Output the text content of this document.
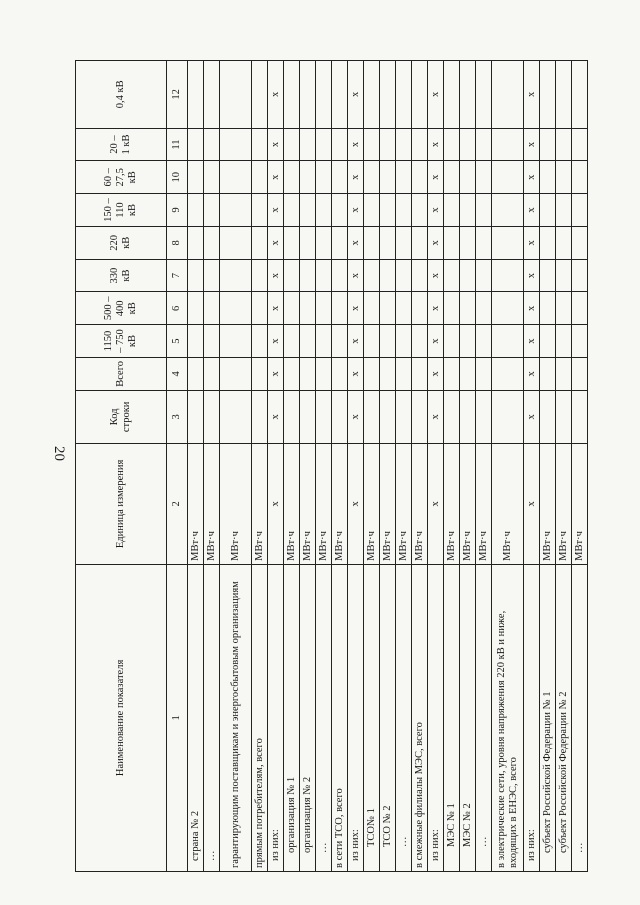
20
Наименование показателя	Единица измерения	Код строки	Всего	1150 – 750 кВ	500 – 400 кВ	330 кВ	220 кВ	150 – 110 кВ	60 – 27,5 кВ	20 – 1 кВ	0,4 кВ
1	2	3	4	5	6	7	8	9	10	11	12
страна № 2	МВт·ч										
…	МВт·ч										
гарантирующим поставщикам и энергосбытовым организациям	МВт·ч										
прямым потребителям, всего	МВт·ч										
из них:	х	х	х	х	х	х	х	х	х	х	х
организация № 1	МВт·ч										
организация № 2	МВт·ч										
…	МВт·ч										
в сети ТСО, всего	МВт·ч										
из них:	х	х	х	х	х	х	х	х	х	х	х
ТСО№ 1	МВт·ч										
ТСО № 2	МВт·ч										
…	МВт·ч										
в смежные филиалы МЭС, всего	МВт·ч										
из них:	х	х	х	х	х	х	х	х	х	х	х
МЭС № 1	МВт·ч										
МЭС № 2	МВт·ч										
…	МВт·ч										
в электрические сети, уровня напряжения 220 кВ и ниже, входящих в ЕНЭС, всего	МВт·ч										
из них:	х	х	х	х	х	х	х	х	х	х	х
субъект Российской Федерации № 1	МВт·ч										
субъект Российской Федерации № 2	МВт·ч										
…	МВт·ч										
